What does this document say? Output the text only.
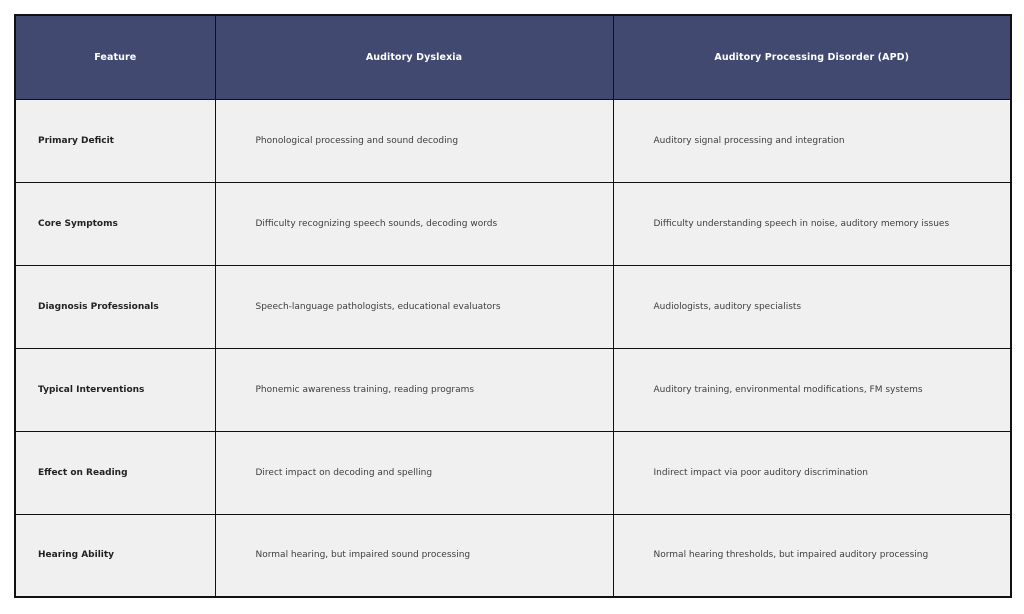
Feature	Auditory Dyslexia	Auditory Processing Disorder (APD)
Primary Deficit	Phonological processing and sound decoding	Auditory signal processing and integration
Core Symptoms	Difficulty recognizing speech sounds, decoding words	Difficulty understanding speech in noise, auditory memory issues
Diagnosis Professionals	Speech-language pathologists, educational evaluators	Audiologists, auditory specialists
Typical Interventions	Phonemic awareness training, reading programs	Auditory training, environmental modifications, FM systems
Effect on Reading	Direct impact on decoding and spelling	Indirect impact via poor auditory discrimination
Hearing Ability	Normal hearing, but impaired sound processing	Normal hearing thresholds, but impaired auditory processing
